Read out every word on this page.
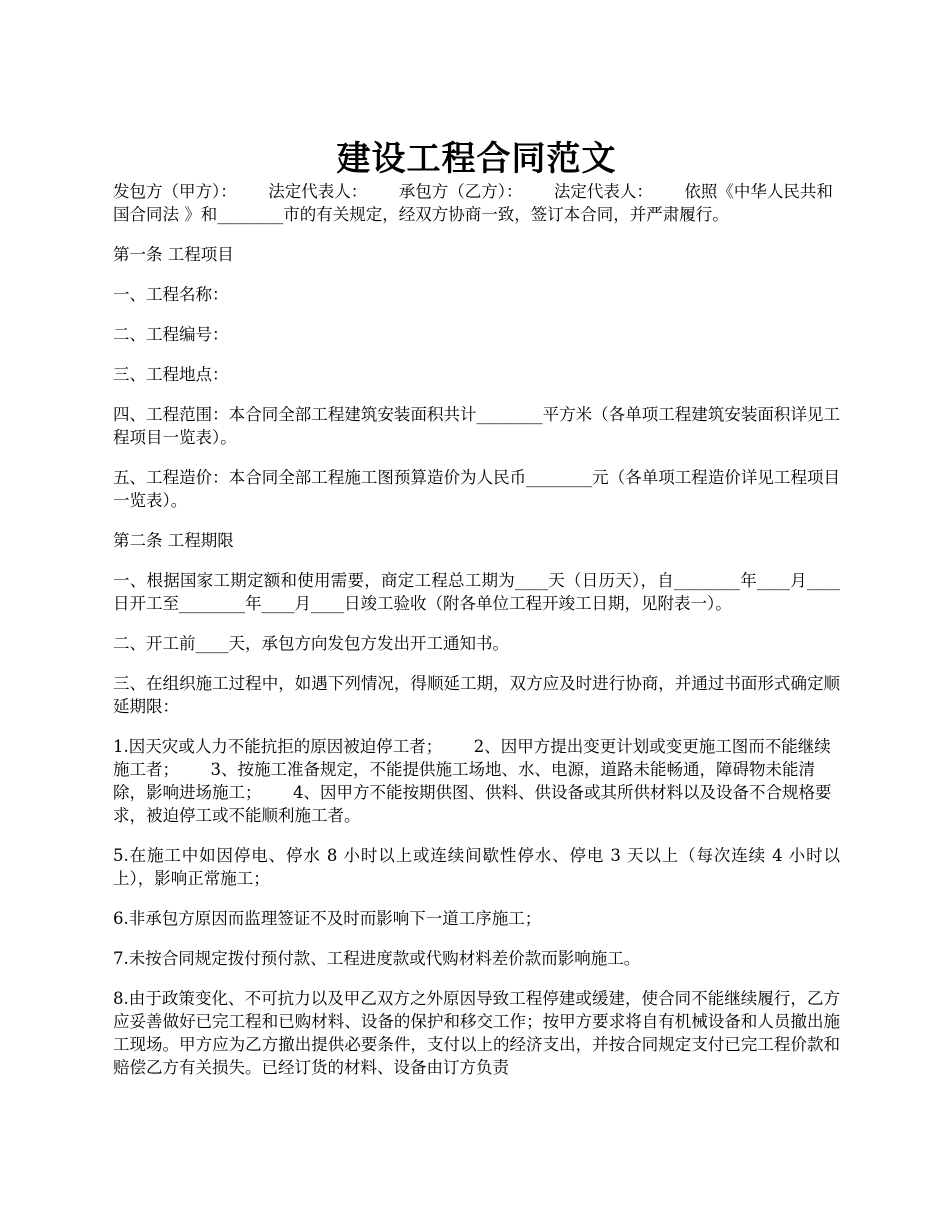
建设工程合同范文

发包方（甲方）：      法定代表人：      承包方（乙方）：      法定代表人：      依照《中华人民共和国合同法 》和________市的有关规定，经双方协商一致，签订本合同，并严肃履行。

第一条 工程项目

一、工程名称：

二、工程编号：

三、工程地点：

四、工程范围：本合同全部工程建筑安装面积共计________平方米（各单项工程建筑安装面积详见工程项目一览表）。

五、工程造价：本合同全部工程施工图预算造价为人民币________元（各单项工程造价详见工程项目一览表）。

第二条 工程期限

一、根据国家工期定额和使用需要，商定工程总工期为____天（日历天），自________年____月____日开工至________年____月____日竣工验收（附各单位工程开竣工日期，见附表一）。

二、开工前____天，承包方向发包方发出开工通知书。

三、在组织施工过程中，如遇下列情况，得顺延工期，双方应及时进行协商，并通过书面形式确定顺延期限：

1.因天灾或人力不能抗拒的原因被迫停工者；      2、因甲方提出变更计划或变更施工图而不能继续施工者；      3、按施工准备规定，不能提供施工场地、水、电源，道路未能畅通，障碍物未能清除，影响进场施工；      4、因甲方不能按期供图、供料、供设备或其所供材料以及设备不合规格要求，被迫停工或不能顺利施工者。

5.在施工中如因停电、停水 8 小时以上或连续间歇性停水、停电 3 天以上（每次连续 4 小时以上），影响正常施工；

6.非承包方原因而监理签证不及时而影响下一道工序施工；

7.未按合同规定拨付预付款、工程进度款或代购材料差价款而影响施工。

8.由于政策变化、不可抗力以及甲乙双方之外原因导致工程停建或缓建，使合同不能继续履行，乙方应妥善做好已完工程和已购材料、设备的保护和移交工作；按甲方要求将自有机械设备和人员撤出施工现场。甲方应为乙方撤出提供必要条件，支付以上的经济支出，并按合同规定支付已完工程价款和赔偿乙方有关损失。已经订货的材料、设备由订方负责
